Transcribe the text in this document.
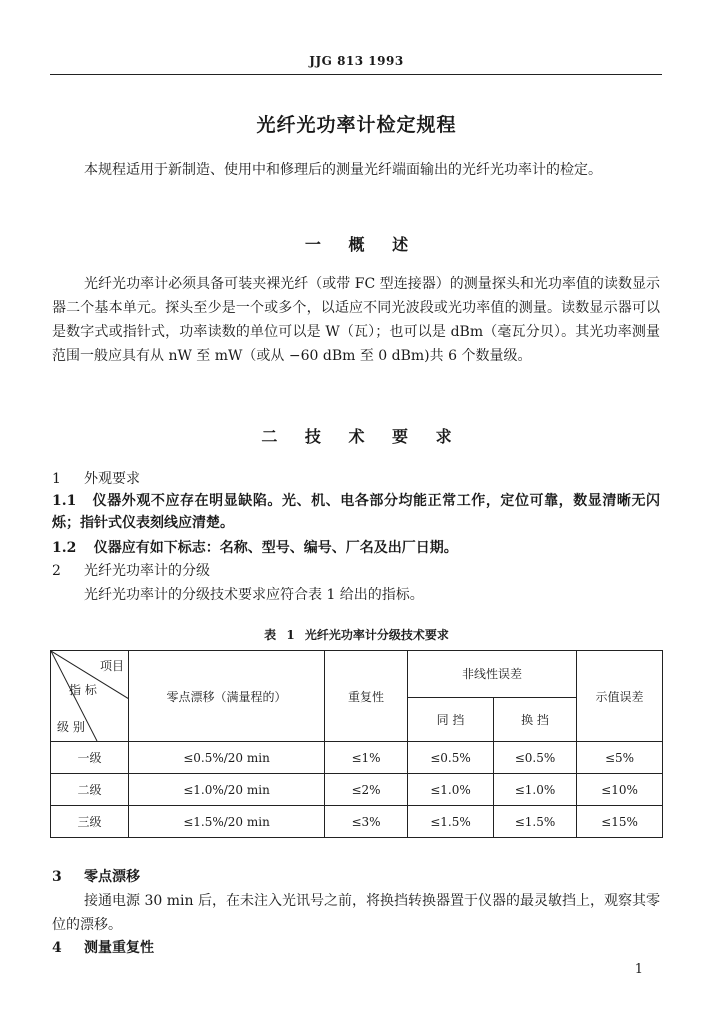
JJG 813 1993
光纤光功率计检定规程

本规程适用于新制造、使用中和修理后的测量光纤端面输出的光纤光功率计的检定。

一 概 述

光纤光功率计必须具备可装夹裸光纤（或带 FC 型连接器）的测量探头和光功率值的读数显示器二个基本单元。探头至少是一个或多个，以适应不同光波段或光功率值的测量。读数显示器可以是数字式或指针式，功率读数的单位可以是 W（瓦）；也可以是 dBm（毫瓦分贝）。其光功率测量范围一般应具有从 nW 至 mW（或从 −60 dBm 至 0 dBm)共 6 个数量级。

二 技 术 要 求
1 外观要求

1.1 仪器外观不应存在明显缺陷。光、机、电各部分均能正常工作，定位可靠，数显清晰无闪烁；指针式仪表刻线应清楚。

1.2 仪器应有如下标志：名称、型号、编号、厂名及出厂日期。
2 光纤光功率计的分级
光纤光功率计的分级技术要求应符合表 1 给出的指标。
表 1 光纤光功率计分级技术要求
项目
指 标
级 别	零点漂移（满量程的）	重复性	非线性误差		示值误差
			同 挡	换 挡	
一级	≤0.5%/20 min	≤1%	≤0.5%	≤0.5%	≤5%
二级	≤1.0%/20 min	≤2%	≤1.0%	≤1.0%	≤10%
三级	≤1.5%/20 min	≤3%	≤1.5%	≤1.5%	≤15%
3 零点漂移

接通电源 30 min 后，在未注入光讯号之前，将换挡转换器置于仪器的最灵敏挡上，观察其零位的漂移。

4 测量重复性
1
